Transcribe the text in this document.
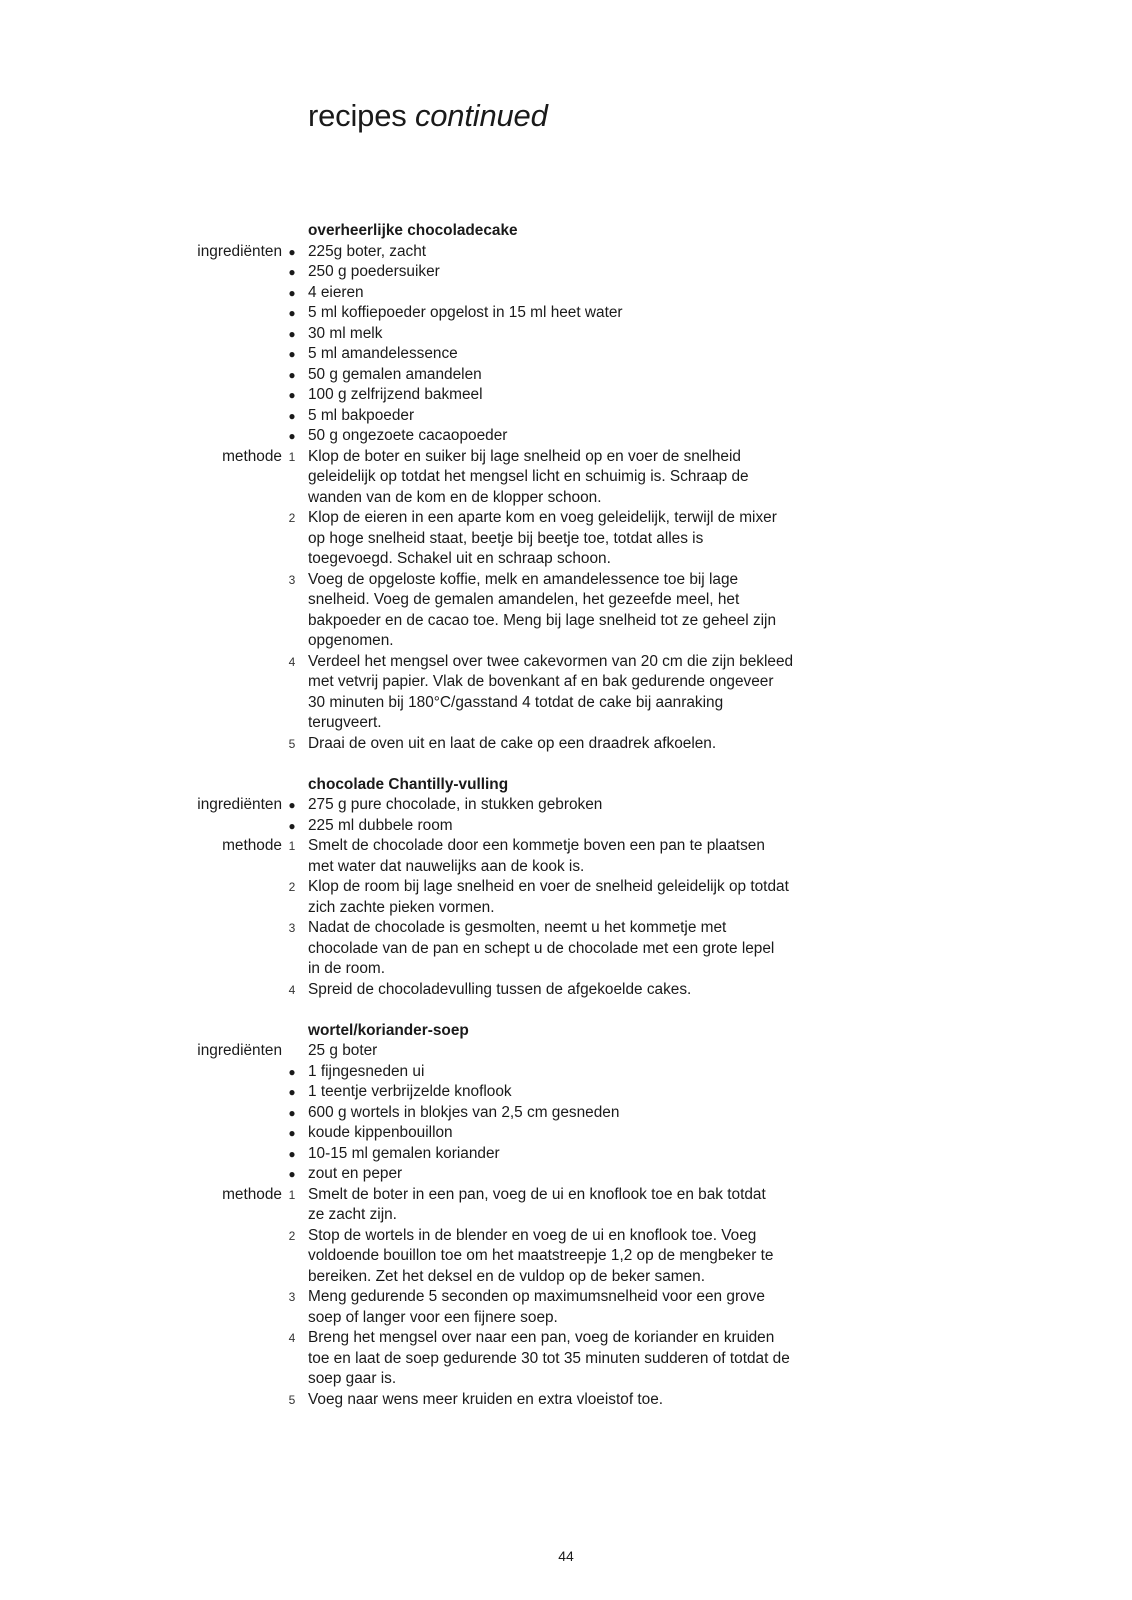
recipes continued
overheerlijke chocoladecake
ingrediënten ● 225g boter, zacht
● 250 g poedersuiker
● 4 eieren
● 5 ml koffiepoeder opgelost in 15 ml heet water
● 30 ml melk
● 5 ml amandelessence
● 50 g gemalen amandelen
● 100 g zelfrijzend bakmeel
● 5 ml bakpoeder
● 50 g ongezoete cacaopoeder
methode 1 Klop de boter en suiker bij lage snelheid op en voer de snelheid
geleidelijk op totdat het mengsel licht en schuimig is. Schraap de
wanden van de kom en de klopper schoon.
2 Klop de eieren in een aparte kom en voeg geleidelijk, terwijl de mixer
op hoge snelheid staat, beetje bij beetje toe, totdat alles is
toegevoegd. Schakel uit en schraap schoon.
3 Voeg de opgeloste koffie, melk en amandelessence toe bij lage
snelheid. Voeg de gemalen amandelen, het gezeefde meel, het
bakpoeder en de cacao toe. Meng bij lage snelheid tot ze geheel zijn
opgenomen.
4 Verdeel het mengsel over twee cakevormen van 20 cm die zijn bekleed
met vetvrij papier. Vlak de bovenkant af en bak gedurende ongeveer
30 minuten bij 180°C/gasstand 4 totdat de cake bij aanraking
terugveert.
5 Draai de oven uit en laat de cake op een draadrek afkoelen.
chocolade Chantilly-vulling
ingrediënten ● 275 g pure chocolade, in stukken gebroken
● 225 ml dubbele room
methode 1 Smelt de chocolade door een kommetje boven een pan te plaatsen
met water dat nauwelijks aan de kook is.
2 Klop de room bij lage snelheid en voer de snelheid geleidelijk op totdat
zich zachte pieken vormen.
3 Nadat de chocolade is gesmolten, neemt u het kommetje met
chocolade van de pan en schept u de chocolade met een grote lepel
in de room.
4 Spreid de chocoladevulling tussen de afgekoelde cakes.
wortel/koriander-soep
ingrediënten 25 g boter
● 1 fijngesneden ui
● 1 teentje verbrijzelde knoflook
● 600 g wortels in blokjes van 2,5 cm gesneden
● koude kippenbouillon
● 10-15 ml gemalen koriander
● zout en peper
methode 1 Smelt de boter in een pan, voeg de ui en knoflook toe en bak totdat
ze zacht zijn.
2 Stop de wortels in de blender en voeg de ui en knoflook toe. Voeg
voldoende bouillon toe om het maatstreepje 1,2 op de mengbeker te
bereiken. Zet het deksel en de vuldop op de beker samen.
3 Meng gedurende 5 seconden op maximumsnelheid voor een grove
soep of langer voor een fijnere soep.
4 Breng het mengsel over naar een pan, voeg de koriander en kruiden
toe en laat de soep gedurende 30 tot 35 minuten sudderen of totdat de
soep gaar is.
5 Voeg naar wens meer kruiden en extra vloeistof toe.
44
